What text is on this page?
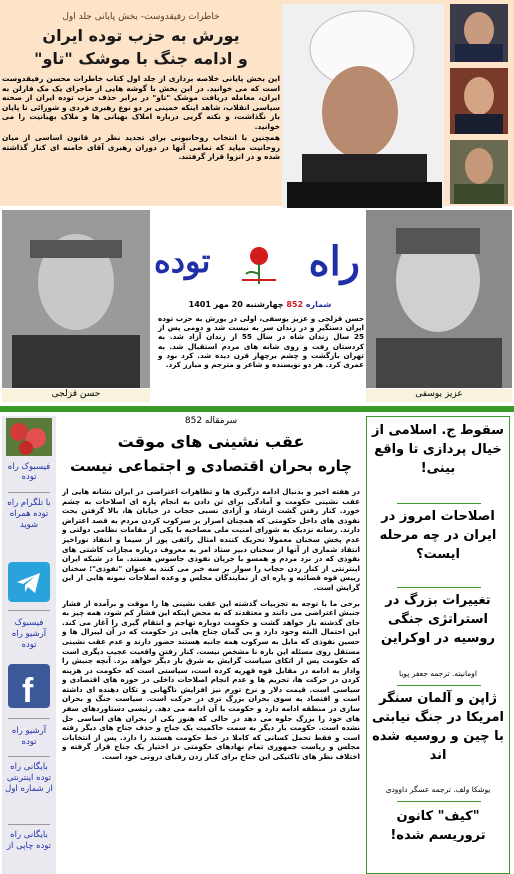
خاطرات رفیقدوست- بخش پایانی جلد اول
یورش به حزب توده ایران
و ادامه جنگ با موشک "تاو"
این بخش پایانی خلاصه برداری از جلد اول کتاب خاطرات محسن رفیقدوست است که می خوانید. در این بخش با گوشه هایی از ماجرای یک مک فارلن به ایران، معامله دریافت موشک "تاو" در برابر حذف حزب توده ایران از صحنه سیاسی انقلاب، شاهد اینکه خمینی بر دو نوع رهبری فردی و شورائی تا پایان باز نگذاشت، و نکته گریی درباره املاک بهبانی ها و ملاک بهبانیت را می خوانید.
همچنین با انتخاب روحانیونی برای تجدید نظر در قانون اساسی از میان روحانیت میاید که تمامی آنها در دوران رهبری آقای خامنه ای کنار گذاشته شده و در انزوا قرار گرفتند.
حسن قزلجی
راه
توده
شماره 852 چهارشنبه 20 مهر 1401
حسن قزلجی و عزیز یوسفی، اولی در یورش به حزب توده ایران دستگیر و در زندان سر به نیست شد و دومی پس از 25 سال زندان شاه در سال 55 از زندان آزاد شد. به کردستان رفت و روی شانه های مردم استقبال شد. به تهران بازگشت و چشم برچهار قرن دیده شد. کرد بود و عمری کرد. هر دو نویسنده و شاعر و مترجم و مبارز کرد.
عزیز یوسفی
فیسبوک راه توده
با تلگرام راه توده همراه شوید
فیسبوک آرشیو راه توده
f
آرشیو راه توده
بایگانی راه توده اینترنتی از شماره اول
بایگانی راه توده چاپی از
سرمقاله 852
عقب نشینی های موقت
چاره بحران اقتصادی و اجتماعی نیست
در هفته اخیر و بدنبال ادامه درگیری ها و تظاهرات اعتراضی در ایران نشانه هایی از عقب نشینی حکومت و آمادگی برای تن دادن به انجام پاره ای اصلاحات به چشم خورد. کنار رفتن گشت ارشاد و آزادی نسبی حجاب در خیابان ها، بالا گرفتن بحث نفوذی های داخل حکومتی که همچنان اصرار بر سرکوب کردن مردم به قصد اعتراض دارند. رسانه نزدیک به شورای امنیت ملی مصاحبه با یکی از مقامات نظامی دولتی و عدم پخش سخنان معمولا تحریک کننده امثال رائفی پور از سیما و انتقاد نوراخیز انتقاد شماری از آنها از سخنان دبیر ستاد امر به معروف درباره مجازات کاشتی های نفوذی که در نزد مردم و همسو با جریان نفوذی جاسوس هستند. ما در شبکه ایران اینترنتی از کنار زدن حجاب را سوار بر سه خبر می کنند به عنوان "نفوذی"؛ سخنان رییس قوه قضائیه و پاره ای از نمایندگان مجلس و وعده اصلاحات نمونه هایی از این گرایش است.
برخی ما با توجه به تجربیات گذشته این عقب نشینی ها را موقت و برآمده از فشار جنبش اعتراضی می دانند و معتقدند که به محض اینکه این فشار کم شود، همه چیز به جای گذشته باز خواهد گشت و حکومت دوباره تهاجم و انتقام گیری را آغاز می کند. این احتمال البته وجود دارد و بی گمان جناح هایی در حکومت که در آن لیبرال ها و حسین نفوذی که مایل به سرکوب همه جانبه هستند حضور دارند و عدم عقب نشینی مستقل روی مسئله این باره نا مشخص نیست. کنار رفتن واقعیت عجیب دیگری است که حکومت پس از اتکای سیاست گرایش به شرق بار دیگر خواهد برد. آنچه جنبش را وادار به ادامه در مقابل قوه قهریه کرده است، سیاستی است که حکومت در هزینه کردن در حرکت ها، تحریم ها و عدم انجام اصلاحات داخلی در حوزه های اقتصادی و سیاسی است. قیمت دلار و نرخ تورم نیز افزایش ناگهانی و تکان دهنده ای داشته است و اقتصاد به سوی بحران بزرگ تری در حرکت است. سیاست جنگ و بحران سازی در منطقه ادامه دارد و حکومت با آن ادامه می دهد. رئیسی دستاوردهای سفر های خود را بزرگ جلوه می دهد در حالی که هنوز یکی از بحران های اساسی حل نشده است. حکومت بار دیگر به سمت حاکمیت یک جناح و حذف جناح های دیگر رفته است و فقط تحمل کسانی که کاملا در خط حکومت هستند را دارد. پس از انتخابات مجلس و ریاست جمهوری تمام نهادهای حکومتی در اختیار یک جناح قرار گرفته و اختلاف نظر های تاکتیکی این جناح برای کنار زدن رقبای درونی خود است.
سقوط ج. اسلامی از خیال پردازی تا واقع بینی!
اصلاحات امروز در ایران در چه مرحله ایست؟
تغییرات بزرگ در استراتژی جنگی روسیه در اوکراین
اومانیته. ترجمه جعفر پویا
ژاپن و آلمان سنگر امریکا در جنگ نیابتی با چین و روسیه شده اند
یوشکا ولف. ترجمه عسگر داوودی
"کیف" کانون تروریسم شده!
